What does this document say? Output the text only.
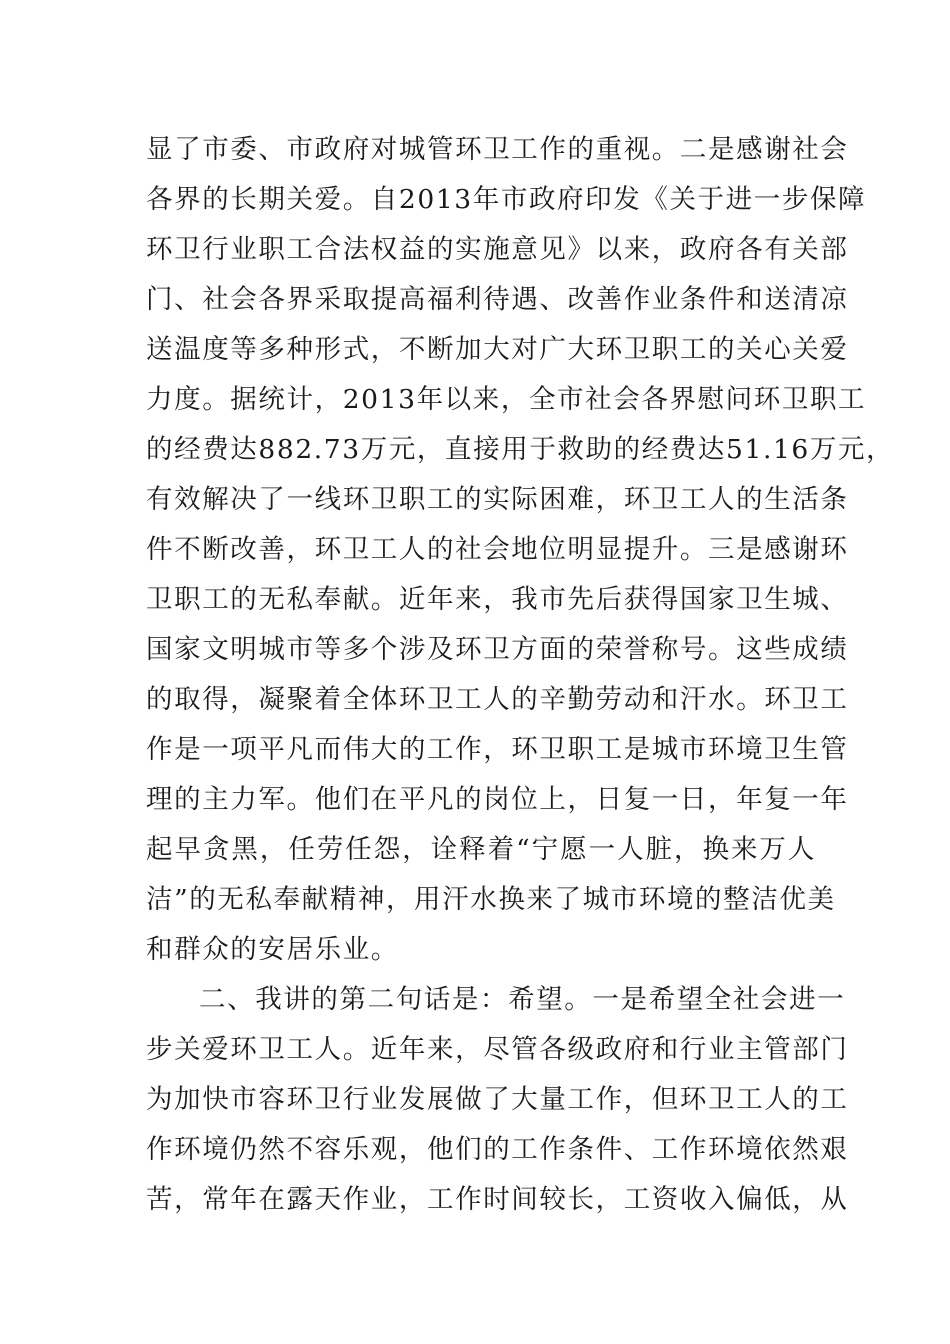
显了市委、市政府对城管环卫工作的重视。二是感谢社会
各界的长期关爱。自2013年市政府印发《关于进一步保障
环卫行业职工合法权益的实施意见》以来，政府各有关部
门、社会各界采取提高福利待遇、改善作业条件和送清凉
送温度等多种形式，不断加大对广大环卫职工的关心关爱
力度。据统计，2013年以来，全市社会各界慰问环卫职工
的经费达882.73万元，直接用于救助的经费达51.16万元，
有效解决了一线环卫职工的实际困难，环卫工人的生活条
件不断改善，环卫工人的社会地位明显提升。三是感谢环
卫职工的无私奉献。近年来，我市先后获得国家卫生城、
国家文明城市等多个涉及环卫方面的荣誉称号。这些成绩
的取得，凝聚着全体环卫工人的辛勤劳动和汗水。环卫工
作是一项平凡而伟大的工作，环卫职工是城市环境卫生管
理的主力军。他们在平凡的岗位上，日复一日，年复一年
起早贪黑，任劳任怨，诠释着“宁愿一人脏，换来万人
洁”的无私奉献精神，用汗水换来了城市环境的整洁优美
和群众的安居乐业。
二、我讲的第二句话是：希望。一是希望全社会进一
步关爱环卫工人。近年来，尽管各级政府和行业主管部门
为加快市容环卫行业发展做了大量工作，但环卫工人的工
作环境仍然不容乐观，他们的工作条件、工作环境依然艰
苦，常年在露天作业，工作时间较长，工资收入偏低，从
